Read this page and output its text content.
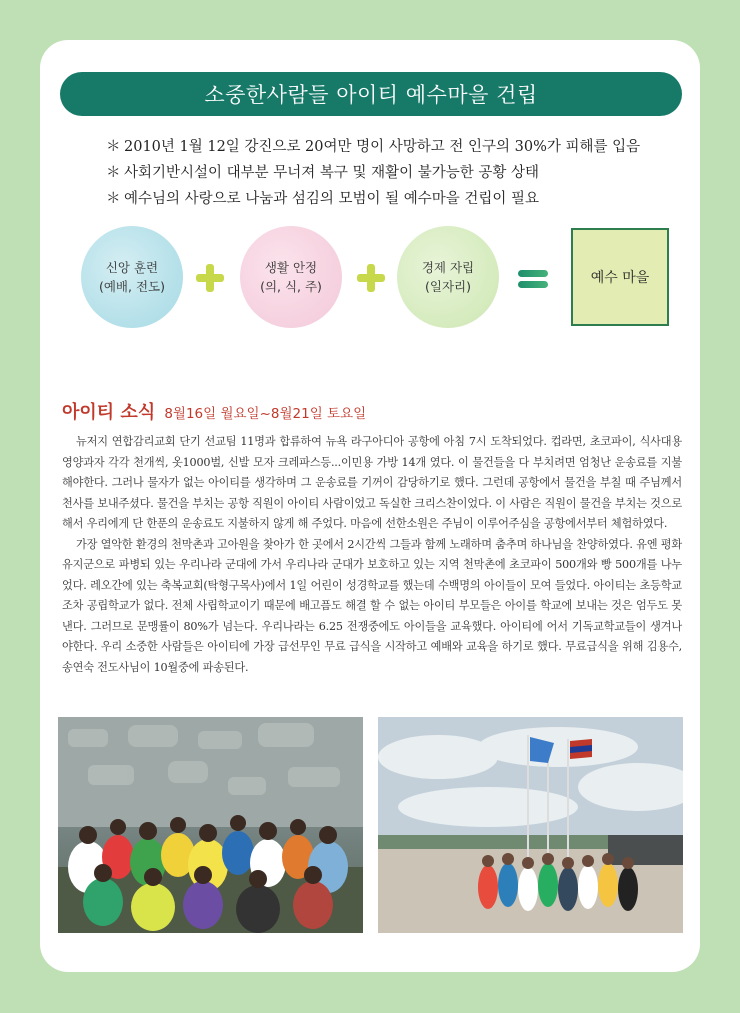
소중한사람들 아이티 예수마을 건립
＊ 2010년 1월 12일 강진으로 20여만 명이 사망하고 전 인구의 30%가 피해를 입음
＊ 사회기반시설이 대부분 무너져 복구 및 재활이 불가능한 공황 상태
＊ 예수님의 사랑으로 나눔과 섬김의 모범이 될 예수마을 건립이 필요
신앙 훈련
(예배, 전도)
생활 안정
(의, 식, 주)
경제 자립
(일자리)
예수 마을
아이티 소식 8월16일 월요일~8월21일 토요일

뉴저지 연합감리교회 단기 선교팀 11명과 합류하여 뉴욕 라구아디아 공항에 아침 7시 도착되었다. 컵라면, 초코파이, 식사대용 영양과자 각각 천개씩, 옷1000벌, 신발 모자 크레파스등...이민용 가방 14개 였다. 이 물건들을 다 부치려면 엄청난 운송료를 지불해야한다. 그러나 물자가 없는 아이티를 생각하며 그 운송료를 기꺼이 감당하기로 했다. 그런데 공항에서 물건을 부칠 때 주님께서 천사를 보내주셨다. 물건을 부치는 공항 직원이 아이티 사람이었고 독실한 크리스찬이었다. 이 사람은 직원이 물건을 부치는 것으로 해서 우리에게 단 한푼의 운송료도 지불하지 않게 해 주었다. 마음에 선한소원은 주님이 이루어주심을 공항에서부터 체험하였다.

가장 열악한 환경의 천막촌과 고아원을 찾아가 한 곳에서 2시간씩 그들과 함께 노래하며 춤추며 하나님을 찬양하였다. 유엔 평화 유지군으로 파병되 있는 우리나라 군대에 가서 우리나라 군대가 보호하고 있는 지역 천막촌에 초코파이 500개와 빵 500개를 나누었다. 레오간에 있는 축복교회(탁형구목사)에서 1일 어린이 성경학교를 했는데 수백명의 아이들이 모여 들었다. 아이티는 초등학교 조차 공립학교가 없다. 전체 사립학교이기 때문에 배고픔도 해결 할 수 없는 아이티 부모들은 아이를 학교에 보내는 것은 엄두도 못낸다. 그러므로 문맹률이 80%가 넘는다. 우리나라는 6.25 전쟁중에도 아이들을 교육했다. 아이티에 어서 기독교학교들이 생겨나야한다. 우리 소중한 사람들은 아이티에 가장 급선무인 무료 급식을 시작하고 예배와 교육을 하기로 했다. 무료급식을 위해 김용수, 송연숙 전도사님이 10월중에 파송된다.
